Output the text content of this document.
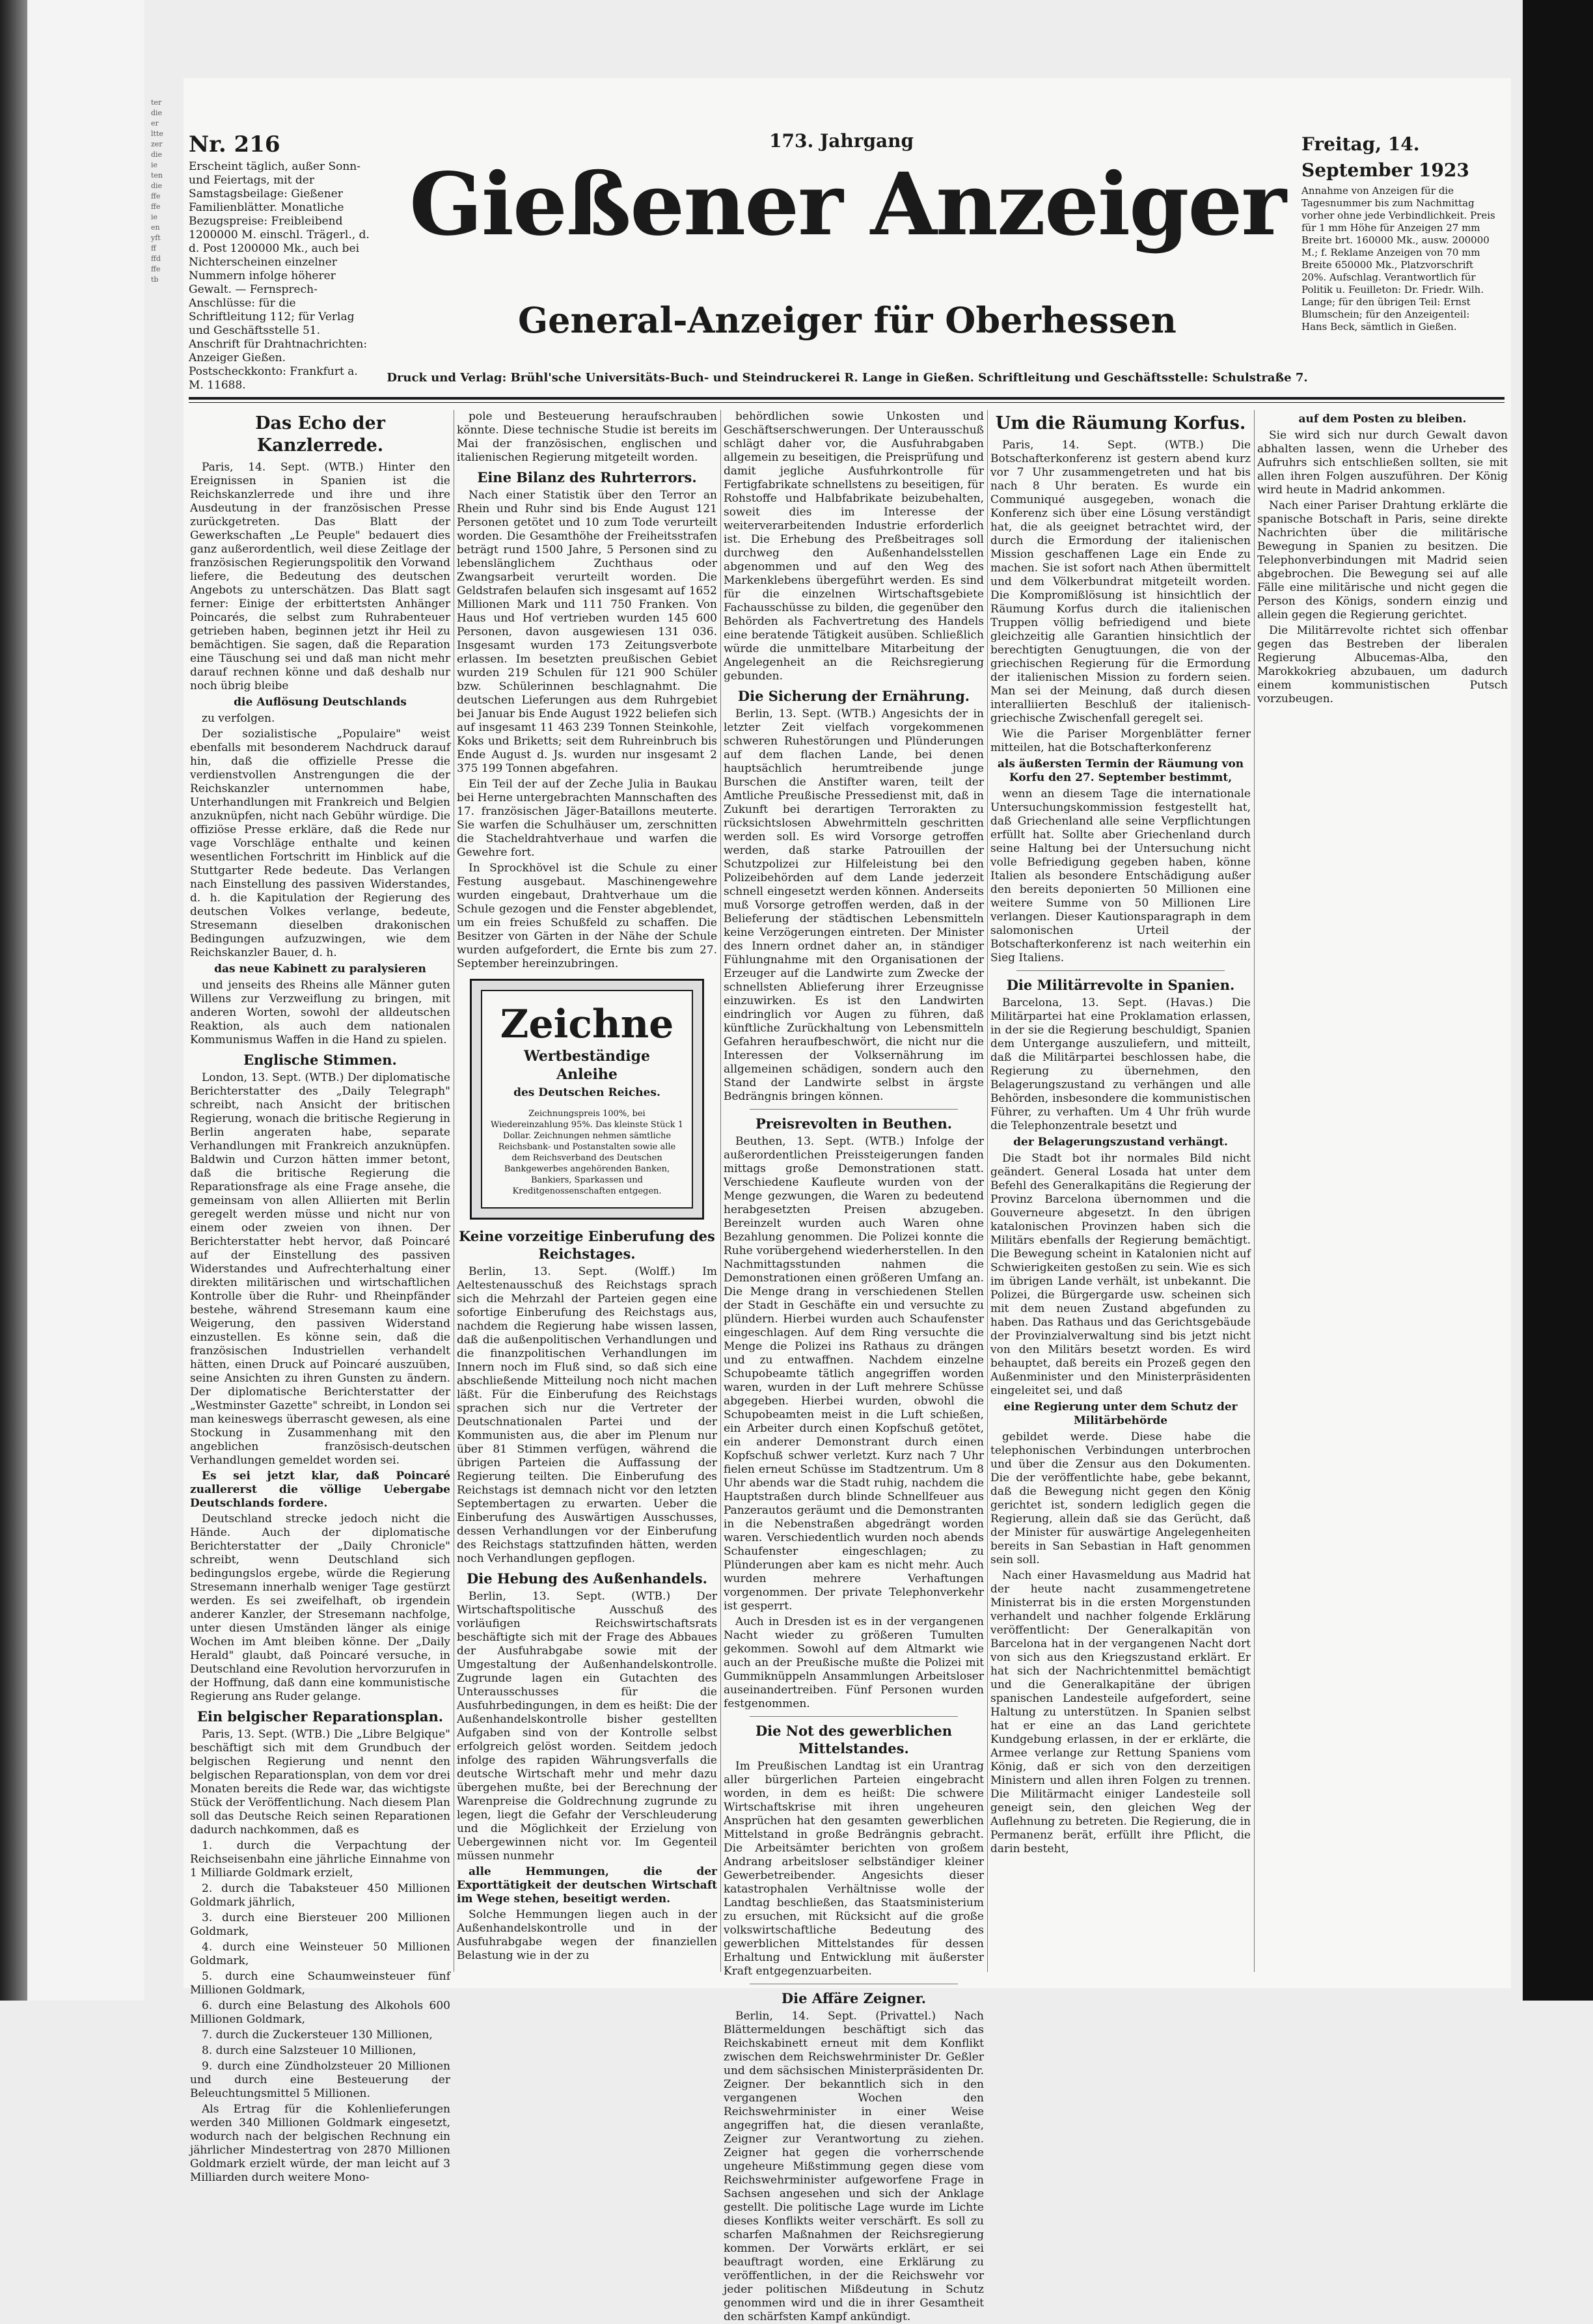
ter
die
er
ltte
zer
die
ie
ten
die
ffe
ffe
ie
en
yft
ff
ffd
ffe
tb
Nr. 216
Erscheint täglich, außer Sonn- und Feiertags, mit der Samstagsbeilage: Gießener Familienblätter. Monatliche Bezugspreise: Freibleibend 1200000 M. einschl. Trägerl., d. d. Post 1200000 Mk., auch bei Nichterscheinen einzelner Nummern infolge höherer Gewalt. — Fernsprech-Anschlüsse: für die Schriftleitung 112; für Verlag und Geschäftsstelle 51. Anschrift für Drahtnachrichten: Anzeiger Gießen. Postscheckkonto: Frankfurt a. M. 11688.
173. Jahrgang	Freitag, 14. September 1923
Annahme von Anzeigen für die Tagesnummer bis zum Nachmittag vorher ohne jede Verbindlichkeit. Preis für 1 mm Höhe für Anzeigen 27 mm Breite brt. 160000 Mk., ausw. 200000 M.; f. Reklame Anzeigen von 70 mm Breite 650000 Mk., Platzvorschrift 20%. Aufschlag. Verantwortlich für Politik u. Feuilleton: Dr. Friedr. Wilh. Lange; für den übrigen Teil: Ernst Blumschein; für den Anzeigenteil: Hans Beck, sämtlich in Gießen.
Gießener Anzeiger
General-Anzeiger für Oberhessen
Druck und Verlag: Brühl'sche Universitäts-Buch- und Steindruckerei R. Lange in Gießen. Schriftleitung und Geschäftsstelle: Schulstraße 7.
Das Echo der Kanzlerrede.

Paris, 14. Sept. (WTB.) Hinter den Ereignissen in Spanien ist die Reichskanzlerrede und ihre und ihre Ausdeutung in der französischen Presse zurückgetreten. Das Blatt der Gewerkschaften „Le Peuple" bedauert dies ganz außerordentlich, weil diese Zeitlage der französischen Regierungspolitik den Vorwand liefere, die Bedeutung des deutschen Angebots zu unterschätzen. Das Blatt sagt ferner: Einige der erbittertsten Anhänger Poincarés, die selbst zum Ruhrabenteuer getrieben haben, beginnen jetzt ihr Heil zu bemächtigen. Sie sagen, daß die Reparation eine Täuschung sei und daß man nicht mehr darauf rechnen könne und daß deshalb nur noch übrig bleibe

die Auflösung Deutschlands

zu verfolgen.

Der sozialistische „Populaire" weist ebenfalls mit besonderem Nachdruck darauf hin, daß die offizielle Presse die verdienstvollen Anstrengungen die der Reichskanzler unternommen habe, Unterhandlungen mit Frankreich und Belgien anzuknüpfen, nicht nach Gebühr würdige. Die offiziöse Presse erkläre, daß die Rede nur vage Vorschläge enthalte und keinen wesentlichen Fortschritt im Hinblick auf die Stuttgarter Rede bedeute. Das Verlangen nach Einstellung des passiven Widerstandes, d. h. die Kapitulation der Regierung des deutschen Volkes verlange, bedeute, Stresemann dieselben drakonischen Bedingungen aufzuzwingen, wie dem Reichskanzler Bauer, d. h.

das neue Kabinett zu paralysieren

und jenseits des Rheins alle Männer guten Willens zur Verzweiflung zu bringen, mit anderen Worten, sowohl der alldeutschen Reaktion, als auch dem nationalen Kommunismus Waffen in die Hand zu spielen.

Englische Stimmen.

London, 13. Sept. (WTB.) Der diplomatische Berichterstatter des „Daily Telegraph" schreibt, nach Ansicht der britischen Regierung, wonach die britische Regierung in Berlin angeraten habe, separate Verhandlungen mit Frankreich anzuknüpfen. Baldwin und Curzon hätten immer betont, daß die britische Regierung die Reparationsfrage als eine Frage ansehe, die gemeinsam von allen Alliierten mit Berlin geregelt werden müsse und nicht nur von einem oder zweien von ihnen. Der Berichterstatter hebt hervor, daß Poincaré auf der Einstellung des passiven Widerstandes und Aufrechterhaltung einer direkten militärischen und wirtschaftlichen Kontrolle über die Ruhr- und Rheinpfänder bestehe, während Stresemann kaum eine Weigerung, den passiven Widerstand einzustellen. Es könne sein, daß die französischen Industriellen verhandelt hätten, einen Druck auf Poincaré auszuüben, seine Ansichten zu ihren Gunsten zu ändern. Der diplomatische Berichterstatter der „Westminster Gazette" schreibt, in London sei man keineswegs überrascht gewesen, als eine Stockung in Zusammenhang mit den angeblichen französisch-deutschen Verhandlungen gemeldet worden sei.

Es sei jetzt klar, daß Poincaré zuallererst die völlige Uebergabe Deutschlands fordere.

Deutschland strecke jedoch nicht die Hände. Auch der diplomatische Berichterstatter der „Daily Chronicle" schreibt, wenn Deutschland sich bedingungslos ergebe, würde die Regierung Stresemann innerhalb weniger Tage gestürzt werden. Es sei zweifelhaft, ob irgendein anderer Kanzler, der Stresemann nachfolge, unter diesen Umständen länger als einige Wochen im Amt bleiben könne. Der „Daily Herald" glaubt, daß Poincaré versuche, in Deutschland eine Revolution hervorzurufen in der Hoffnung, daß dann eine kommunistische Regierung ans Ruder gelange.

Ein belgischer Reparationsplan.

Paris, 13. Sept. (WTB.) Die „Libre Belgique" beschäftigt sich mit dem Grundbuch der belgischen Regierung und nennt den belgischen Reparationsplan, von dem vor drei Monaten bereits die Rede war, das wichtigste Stück der Veröffentlichung. Nach diesem Plan soll das Deutsche Reich seinen Reparationen dadurch nachkommen, daß es

1. durch die Verpachtung der Reichseisenbahn eine jährliche Einnahme von 1 Milliarde Goldmark erzielt,

2. durch die Tabaksteuer 450 Millionen Goldmark jährlich,

3. durch eine Biersteuer 200 Millionen Goldmark,

4. durch eine Weinsteuer 50 Millionen Goldmark,

5. durch eine Schaumweinsteuer fünf Millionen Goldmark,

6. durch eine Belastung des Alkohols 600 Millionen Goldmark,

7. durch die Zuckersteuer 130 Millionen,

8. durch eine Salzsteuer 10 Millionen,

9. durch eine Zündholzsteuer 20 Millionen und durch eine Besteuerung der Beleuchtungsmittel 5 Millionen.

Als Ertrag für die Kohlenlieferungen werden 340 Millionen Goldmark eingesetzt, wodurch nach der belgischen Rechnung ein jährlicher Mindestertrag von 2870 Millionen Goldmark erzielt würde, der man leicht auf 3 Milliarden durch weitere Mono-

pole und Besteuerung heraufschrauben könnte. Diese technische Studie ist bereits im Mai der französischen, englischen und italienischen Regierung mitgeteilt worden.

Eine Bilanz des Ruhrterrors.

Nach einer Statistik über den Terror an Rhein und Ruhr sind bis Ende August 121 Personen getötet und 10 zum Tode verurteilt worden. Die Gesamthöhe der Freiheitsstrafen beträgt rund 1500 Jahre, 5 Personen sind zu lebenslänglichem Zuchthaus oder Zwangsarbeit verurteilt worden. Die Geldstrafen belaufen sich insgesamt auf 1652 Millionen Mark und 111 750 Franken. Von Haus und Hof vertrieben wurden 145 600 Personen, davon ausgewiesen 131 036. Insgesamt wurden 173 Zeitungsverbote erlassen. Im besetzten preußischen Gebiet wurden 219 Schulen für 121 900 Schüler bzw. Schülerinnen beschlagnahmt. Die deutschen Lieferungen aus dem Ruhrgebiet bei Januar bis Ende August 1922 beliefen sich auf insgesamt 11 463 239 Tonnen Steinkohle, Koks und Briketts; seit dem Ruhreinbruch bis Ende August d. Js. wurden nur insgesamt 2 375 199 Tonnen abgefahren.

Ein Teil der auf der Zeche Julia in Baukau bei Herne untergebrachten Mannschaften des 17. französischen Jäger-Bataillons meuterte. Sie warfen die Schulhäuser um, zerschnitten die Stacheldrahtverhaue und warfen die Gewehre fort.

In Sprockhövel ist die Schule zu einer Festung ausgebaut. Maschinengewehre wurden eingebaut, Drahtverhaue um die Schule gezogen und die Fenster abgeblendet, um ein freies Schußfeld zu schaffen. Die Besitzer von Gärten in der Nähe der Schule wurden aufgefordert, die Ernte bis zum 27. September hereinzubringen.

Zeichne
Wertbeständige
Anleihe
des Deutschen Reiches.
Zeichnungspreis 100%, bei Wiedereinzahlung 95%. Das kleinste Stück 1 Dollar. Zeichnungen nehmen sämtliche Reichsbank- und Postanstalten sowie alle dem Reichsverband des Deutschen Bankgewerbes angehörenden Banken, Bankiers, Sparkassen und Kreditgenossenschaften entgegen.
Keine vorzeitige Einberufung des Reichstages.

Berlin, 13. Sept. (Wolff.) Im Aeltestenausschuß des Reichstags sprach sich die Mehrzahl der Parteien gegen eine sofortige Einberufung des Reichstags aus, nachdem die Regierung habe wissen lassen, daß die außenpolitischen Verhandlungen und die finanzpolitischen Verhandlungen im Innern noch im Fluß sind, so daß sich eine abschließende Mitteilung noch nicht machen läßt. Für die Einberufung des Reichstags sprachen sich nur die Vertreter der Deutschnationalen Partei und der Kommunisten aus, die aber im Plenum nur über 81 Stimmen verfügen, während die übrigen Parteien die Auffassung der Regierung teilten. Die Einberufung des Reichstags ist demnach nicht vor den letzten Septembertagen zu erwarten. Ueber die Einberufung des Auswärtigen Ausschusses, dessen Verhandlungen vor der Einberufung des Reichstags stattzufinden hätten, werden noch Verhandlungen gepflogen.

Die Hebung des Außenhandels.

Berlin, 13. Sept. (WTB.) Der Wirtschaftspolitische Ausschuß des vorläufigen Reichswirtschaftsrats beschäftigte sich mit der Frage des Abbaues der Ausfuhrabgabe sowie mit der Umgestaltung der Außenhandelskontrolle. Zugrunde lagen ein Gutachten des Unterausschusses für die Ausfuhrbedingungen, in dem es heißt: Die der Außenhandelskontrolle bisher gestellten Aufgaben sind von der Kontrolle selbst erfolgreich gelöst worden. Seitdem jedoch infolge des rapiden Währungsverfalls die deutsche Wirtschaft mehr und mehr dazu übergehen mußte, bei der Berechnung der Warenpreise die Goldrechnung zugrunde zu legen, liegt die Gefahr der Verschleuderung und die Möglichkeit der Erzielung von Uebergewinnen nicht vor. Im Gegenteil müssen nunmehr

alle Hemmungen, die der Exporttätigkeit der deutschen Wirtschaft im Wege stehen, beseitigt werden.

Solche Hemmungen liegen auch in der Außenhandelskontrolle und in der Ausfuhrabgabe wegen der finanziellen Belastung wie in der zu

behördlichen sowie Unkosten und Geschäftserschwerungen. Der Unterausschuß schlägt daher vor, die Ausfuhrabgaben allgemein zu beseitigen, die Preisprüfung und damit jegliche Ausfuhrkontrolle für Fertigfabrikate schnellstens zu beseitigen, für Rohstoffe und Halbfabrikate beizubehalten, soweit dies im Interesse der weiterverarbeitenden Industrie erforderlich ist. Die Erhebung des Preßbeitrages soll durchweg den Außenhandelsstellen abgenommen und auf den Weg des Markenklebens übergeführt werden. Es sind für die einzelnen Wirtschaftsgebiete Fachausschüsse zu bilden, die gegenüber den Behörden als Fachvertretung des Handels eine beratende Tätigkeit ausüben. Schließlich würde die unmittelbare Mitarbeitung der Angelegenheit an die Reichsregierung gebunden.

Die Sicherung der Ernährung.

Berlin, 13. Sept. (WTB.) Angesichts der in letzter Zeit vielfach vorgekommenen schweren Ruhestörungen und Plünderungen auf dem flachen Lande, bei denen hauptsächlich herumtreibende junge Burschen die Anstifter waren, teilt der Amtliche Preußische Pressedienst mit, daß in Zukunft bei derartigen Terrorakten zu rücksichtslosen Abwehrmitteln geschritten werden soll. Es wird Vorsorge getroffen werden, daß starke Patrouillen der Schutzpolizei zur Hilfeleistung bei den Polizeibehörden auf dem Lande jederzeit schnell eingesetzt werden können. Anderseits muß Vorsorge getroffen werden, daß in der Belieferung der städtischen Lebensmitteln keine Verzögerungen eintreten. Der Minister des Innern ordnet daher an, in ständiger Fühlungnahme mit den Organisationen der Erzeuger auf die Landwirte zum Zwecke der schnellsten Ablieferung ihrer Erzeugnisse einzuwirken. Es ist den Landwirten eindringlich vor Augen zu führen, daß künftliche Zurückhaltung von Lebensmitteln Gefahren heraufbeschwört, die nicht nur die Interessen der Volksernährung im allgemeinen schädigen, sondern auch den Stand der Landwirte selbst in ärgste Bedrängnis bringen können.

Preisrevolten in Beuthen.

Beuthen, 13. Sept. (WTB.) Infolge der außerordentlichen Preissteigerungen fanden mittags große Demonstrationen statt. Verschiedene Kaufleute wurden von der Menge gezwungen, die Waren zu bedeutend herabgesetzten Preisen abzugeben. Bereinzelt wurden auch Waren ohne Bezahlung genommen. Die Polizei konnte die Ruhe vorübergehend wiederherstellen. In den Nachmittagsstunden nahmen die Demonstrationen einen größeren Umfang an. Die Menge drang in verschiedenen Stellen der Stadt in Geschäfte ein und versuchte zu plündern. Hierbei wurden auch Schaufenster eingeschlagen. Auf dem Ring versuchte die Menge die Polizei ins Rathaus zu drängen und zu entwaffnen. Nachdem einzelne Schupobeamte tätlich angegriffen worden waren, wurden in der Luft mehrere Schüsse abgegeben. Hierbei wurden, obwohl die Schupobeamten meist in die Luft schießen, ein Arbeiter durch einen Kopfschuß getötet, ein anderer Demonstrant durch einen Kopfschuß schwer verletzt. Kurz nach 7 Uhr fielen erneut Schüsse im Stadtzentrum. Um 8 Uhr abends war die Stadt ruhig, nachdem die Hauptstraßen durch blinde Schnellfeuer aus Panzerautos geräumt und die Demonstranten in die Nebenstraßen abgedrängt worden waren. Verschiedentlich wurden noch abends Schaufenster eingeschlagen; zu Plünderungen aber kam es nicht mehr. Auch wurden mehrere Verhaftungen vorgenommen. Der private Telephonverkehr ist gesperrt.

Auch in Dresden ist es in der vergangenen Nacht wieder zu größeren Tumulten gekommen. Sowohl auf dem Altmarkt wie auch an der Preußische mußte die Polizei mit Gummiknüppeln Ansammlungen Arbeitsloser auseinandertreiben. Fünf Personen wurden festgenommen.

Die Not des gewerblichen Mittelstandes.

Im Preußischen Landtag ist ein Urantrag aller bürgerlichen Parteien eingebracht worden, in dem es heißt: Die schwere Wirtschaftskrise mit ihren ungeheuren Ansprüchen hat den gesamten gewerblichen Mittelstand in große Bedrängnis gebracht. Die Arbeitsämter berichten von großem Andrang arbeitsloser selbständiger kleiner Gewerbetreibender. Angesichts dieser katastrophalen Verhältnisse wolle der Landtag beschließen, das Staatsministerium zu ersuchen, mit Rücksicht auf die große volkswirtschaftliche Bedeutung des gewerblichen Mittelstandes für dessen Erhaltung und Entwicklung mit äußerster Kraft entgegenzuarbeiten.

Die Affäre Zeigner.

Berlin, 14. Sept. (Privattel.) Nach Blättermeldungen beschäftigt sich das Reichskabinett erneut mit dem Konflikt zwischen dem Reichswehrminister Dr. Geßler und dem sächsischen Ministerpräsidenten Dr. Zeigner. Der bekanntlich sich in den vergangenen Wochen den Reichswehrminister in einer Weise angegriffen hat, die diesen veranlaßte, Zeigner zur Verantwortung zu ziehen. Zeigner hat gegen die vorherrschende ungeheure Mißstimmung gegen diese vom Reichswehrminister aufgeworfene Frage in Sachsen angesehen und sich der Anklage gestellt. Die politische Lage wurde im Lichte dieses Konflikts weiter verschärft. Es soll zu scharfen Maßnahmen der Reichsregierung kommen. Der Vorwärts erklärt, er sei beauftragt worden, eine Erklärung zu veröffentlichen, in der die Reichswehr vor jeder politischen Mißdeutung in Schutz genommen wird und die in ihrer Gesamtheit den schärfsten Kampf ankündigt.

Um die Räumung Korfus.

Paris, 14. Sept. (WTB.) Die Botschafterkonferenz ist gestern abend kurz vor 7 Uhr zusammengetreten und hat bis nach 8 Uhr beraten. Es wurde ein Communiqué ausgegeben, wonach die Konferenz sich über eine Lösung verständigt hat, die als geeignet betrachtet wird, der durch die Ermordung der italienischen Mission geschaffenen Lage ein Ende zu machen. Sie ist sofort nach Athen übermittelt und dem Völkerbundrat mitgeteilt worden. Die Kompromißlösung ist hinsichtlich der Räumung Korfus durch die italienischen Truppen völlig befriedigend und biete gleichzeitig alle Garantien hinsichtlich der berechtigten Genugtuungen, die von der griechischen Regierung für die Ermordung der italienischen Mission zu fordern seien. Man sei der Meinung, daß durch diesen interalliierten Beschluß der italienisch-griechische Zwischenfall geregelt sei.

Wie die Pariser Morgenblätter ferner mitteilen, hat die Botschafterkonferenz

als äußersten Termin der Räumung von Korfu den 27. September bestimmt,

wenn an diesem Tage die internationale Untersuchungskommission festgestellt hat, daß Griechenland alle seine Verpflichtungen erfüllt hat. Sollte aber Griechenland durch seine Haltung bei der Untersuchung nicht volle Befriedigung gegeben haben, könne Italien als besondere Entschädigung außer den bereits deponierten 50 Millionen eine weitere Summe von 50 Millionen Lire verlangen. Dieser Kautionsparagraph in dem salomonischen Urteil der Botschafterkonferenz ist nach weiterhin ein Sieg Italiens.

Die Militärrevolte in Spanien.

Barcelona, 13. Sept. (Havas.) Die Militärpartei hat eine Proklamation erlassen, in der sie die Regierung beschuldigt, Spanien dem Untergange auszuliefern, und mitteilt, daß die Militärpartei beschlossen habe, die Regierung zu übernehmen, den Belagerungszustand zu verhängen und alle Behörden, insbesondere die kommunistischen Führer, zu verhaften. Um 4 Uhr früh wurde die Telephonzentrale besetzt und

der Belagerungszustand verhängt.

Die Stadt bot ihr normales Bild nicht geändert. General Losada hat unter dem Befehl des Generalkapitäns die Regierung der Provinz Barcelona übernommen und die Gouverneure abgesetzt. In den übrigen katalonischen Provinzen haben sich die Militärs ebenfalls der Regierung bemächtigt. Die Bewegung scheint in Katalonien nicht auf Schwierigkeiten gestoßen zu sein. Wie es sich im übrigen Lande verhält, ist unbekannt. Die Polizei, die Bürgergarde usw. scheinen sich mit dem neuen Zustand abgefunden zu haben. Das Rathaus und das Gerichtsgebäude der Provinzialverwaltung sind bis jetzt nicht von den Militärs besetzt worden. Es wird behauptet, daß bereits ein Prozeß gegen den Außenminister und den Ministerpräsidenten eingeleitet sei, und daß

eine Regierung unter dem Schutz der Militärbehörde

gebildet werde. Diese habe die telephonischen Verbindungen unterbrochen und über die Zensur aus den Dokumenten. Die der veröffentlichte habe, gebe bekannt, daß die Bewegung nicht gegen den König gerichtet ist, sondern lediglich gegen die Regierung, allein daß sie das Gerücht, daß der Minister für auswärtige Angelegenheiten bereits in San Sebastian in Haft genommen sein soll.

Nach einer Havasmeldung aus Madrid hat der heute nacht zusammengetretene Ministerrat bis in die ersten Morgenstunden verhandelt und nachher folgende Erklärung veröffentlicht: Der Generalkapitän von Barcelona hat in der vergangenen Nacht dort von sich aus den Kriegszustand erklärt. Er hat sich der Nachrichtenmittel bemächtigt und die Generalkapitäne der übrigen spanischen Landesteile aufgefordert, seine Haltung zu unterstützen. In Spanien selbst hat er eine an das Land gerichtete Kundgebung erlassen, in der er erklärte, die Armee verlange zur Rettung Spaniens vom König, daß er sich von den derzeitigen Ministern und allen ihren Folgen zu trennen. Die Militärmacht einiger Landesteile soll geneigt sein, den gleichen Weg der Auflehnung zu betreten. Die Regierung, die in Permanenz berät, erfüllt ihre Pflicht, die darin besteht,

auf dem Posten zu bleiben.

Sie wird sich nur durch Gewalt davon abhalten lassen, wenn die Urheber des Aufruhrs sich entschließen sollten, sie mit allen ihren Folgen auszuführen. Der König wird heute in Madrid ankommen.

Nach einer Pariser Drahtung erklärte die spanische Botschaft in Paris, seine direkte Nachrichten über die militärische Bewegung in Spanien zu besitzen. Die Telephonverbindungen mit Madrid seien abgebrochen. Die Bewegung sei auf alle Fälle eine militärische und nicht gegen die Person des Königs, sondern einzig und allein gegen die Regierung gerichtet.

Die Militärrevolte richtet sich offenbar gegen das Bestreben der liberalen Regierung Albucemas-Alba, den Marokkokrieg abzubauen, um dadurch einem kommunistischen Putsch vorzubeugen.
